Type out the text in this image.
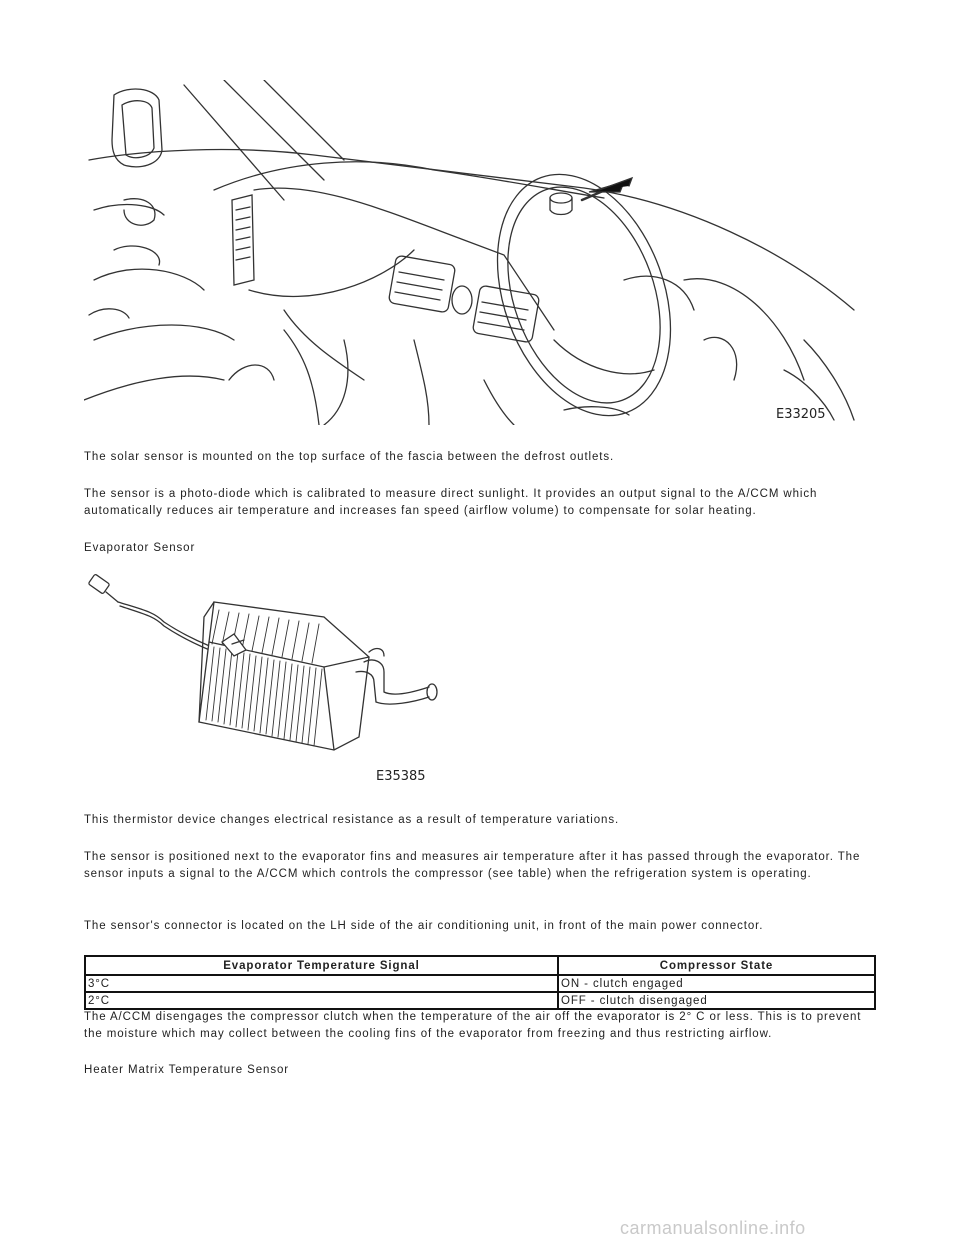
E33205

The solar sensor is mounted on the top surface of the fascia between the defrost outlets.

The sensor is a photo-diode which is calibrated to measure direct sunlight. It provides an output signal to the A/CCM which automatically reduces air temperature and increases fan speed (airflow volume) to compensate for solar heating.

Evaporator Sensor

E35385

This thermistor device changes electrical resistance as a result of temperature variations.

The sensor is positioned next to the evaporator fins and measures air temperature after it has passed through the evaporator. The sensor inputs a signal to the A/CCM which controls the compressor (see table) when the refrigeration system is operating.

The sensor's connector is located on the LH side of the air conditioning unit, in front of the main power connector.

Evaporator Temperature Signal	Compressor State
3°C	ON - clutch engaged
2°C	OFF - clutch disengaged

The A/CCM disengages the compressor clutch when the temperature of the air off the evaporator is 2° C or less. This is to prevent the moisture which may collect between the cooling fins of the evaporator from freezing and thus restricting airflow.

Heater Matrix Temperature Sensor

carmanualsonline.info
